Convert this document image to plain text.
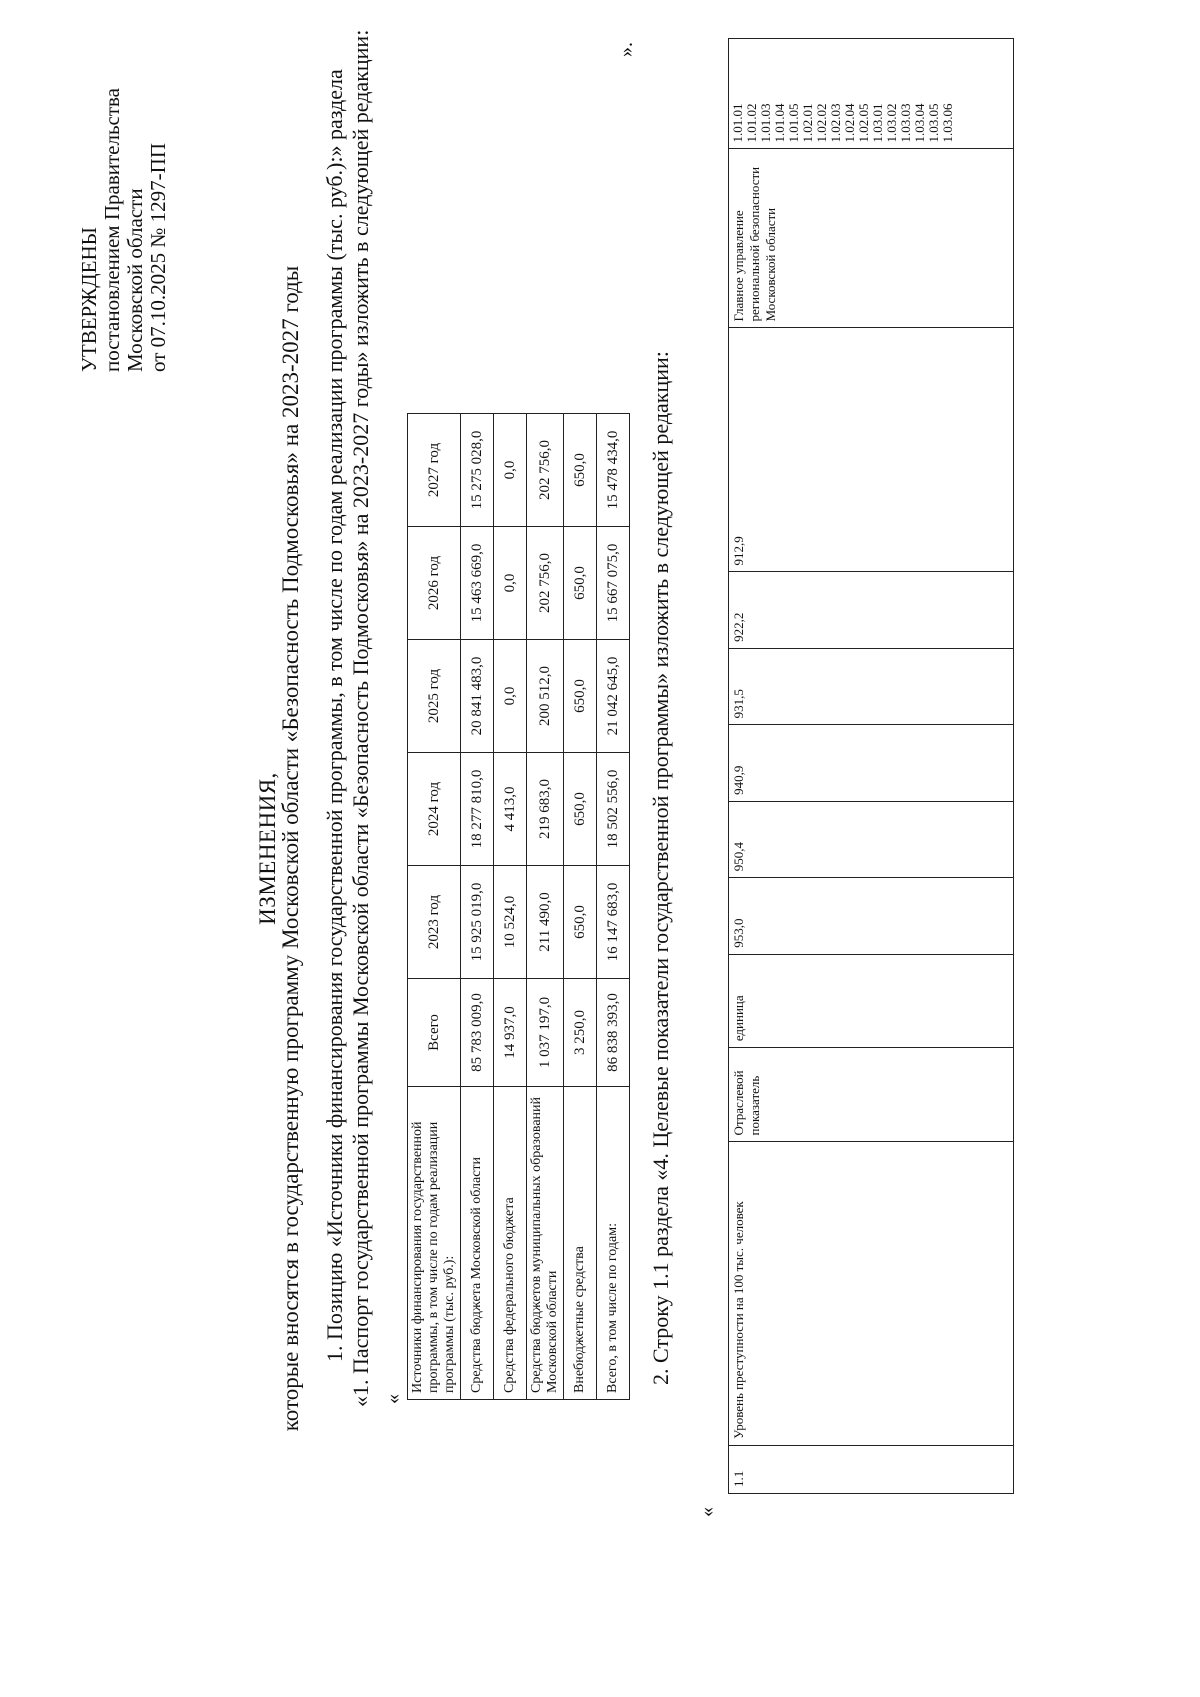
УТВЕРЖДЕНЫ постановлением Правительства Московской области от 07.10.2025 № 1297-ПП
ИЗМЕНЕНИЯ,
которые вносятся в государственную программу Московской области «Безопасность Подмосковья» на 2023-2027 годы 1. Позицию «Источники финансирования государственной программы, в том числе по годам реализации программы (тыс. руб.):» раздела «1. Паспорт государственной программы Московской области «Безопасность Подмосковья» на 2023-2027 годы» изложить в следующей редакции: «
Источники финансирования государственной программы, в том числе по годам реализации программы (тыс. руб.):	Всего	2023 год	2024 год	2025 год	2026 год	2027 год
Средства бюджета Московской области	85 783 009,0	15 925 019,0	18 277 810,0	20 841 483,0	15 463 669,0	15 275 028,0
Средства федерального бюджета	14 937,0	10 524,0	4 413,0	0,0	0,0	0,0
Средства бюджетов муниципальных образований Московской области	1 037 197,0	211 490,0	219 683,0	200 512,0	202 756,0	202 756,0
Внебюджетные средства	3 250,0	650,0	650,0	650,0	650,0	650,0
Всего, в том числе по годам:	86 838 393,0	16 147 683,0	18 502 556,0	21 042 645,0	15 667 075,0	15 478 434,0
».
2. Строку 1.1 раздела «4. Целевые показатели государственной программы» изложить в следующей редакции:
«
1.1	Уровень преступности на 100 тыс. человек	Отраслевой показатель	единица	953,0	950,4	940,9	931,5	922,2	912,9	Главное управление региональной безопасности Московской области	
1.01.01 1.01.02 1.01.03 1.01.04 1.01.05 1.02.01 1.02.02 1.02.03 1.02.04 1.02.05 1.03.01 1.03.02 1.03.03 1.03.04 1.03.05 1.03.06
